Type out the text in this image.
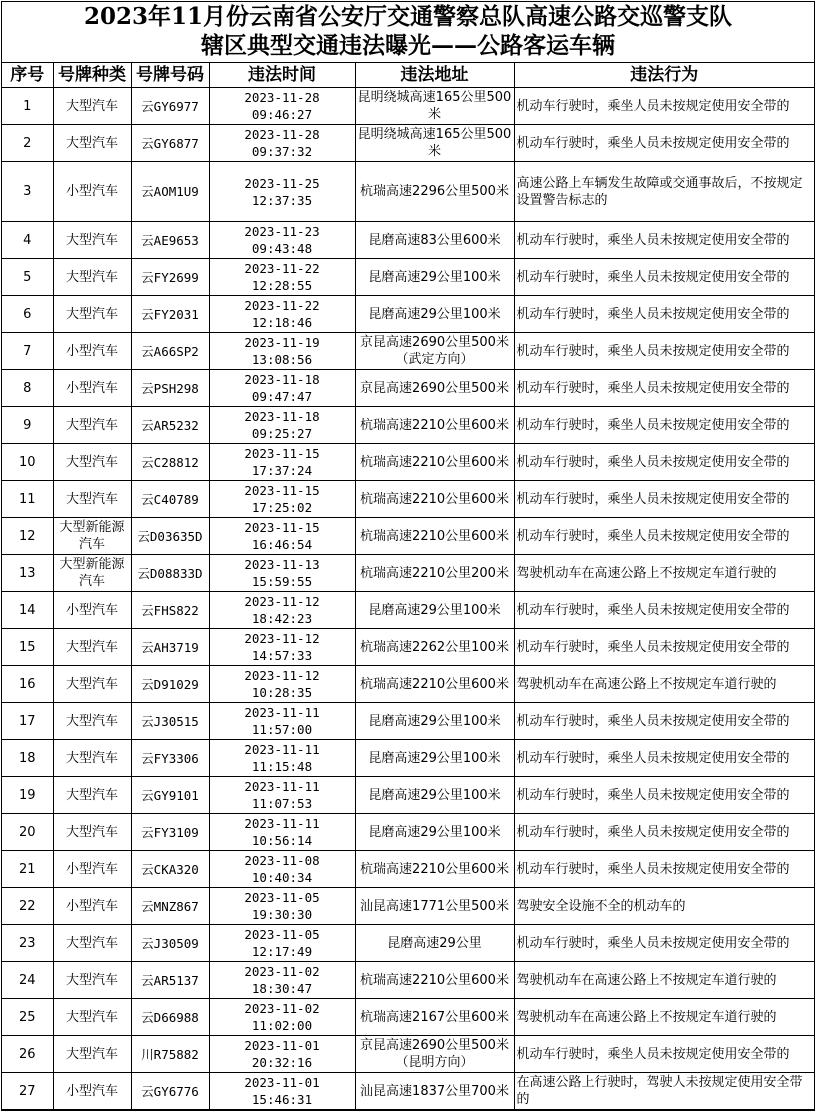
2023年11月份云南省公安厅交通警察总队高速公路交巡警支队
辖区典型交通违法曝光——公路客运车辆
序号	号牌种类	号牌号码	违法时间	违法地址	违法行为
1	大型汽车	云GY6977	2023-11-28 09:46:27	昆明绕城高速165公里500米	机动车行驶时，乘坐人员未按规定使用安全带的
2	大型汽车	云GY6877	2023-11-28 09:37:32	昆明绕城高速165公里500米	机动车行驶时，乘坐人员未按规定使用安全带的
3	小型汽车	云AOM1U9	2023-11-25 12:37:35	杭瑞高速2296公里500米	高速公路上车辆发生故障或交通事故后，不按规定设置警告标志的
4	大型汽车	云AE9653	2023-11-23 09:43:48	昆磨高速83公里600米	机动车行驶时，乘坐人员未按规定使用安全带的
5	大型汽车	云FY2699	2023-11-22 12:28:55	昆磨高速29公里100米	机动车行驶时，乘坐人员未按规定使用安全带的
6	大型汽车	云FY2031	2023-11-22 12:18:46	昆磨高速29公里100米	机动车行驶时，乘坐人员未按规定使用安全带的
7	小型汽车	云A66SP2	2023-11-19 13:08:56	京昆高速2690公里500米（武定方向）	机动车行驶时，乘坐人员未按规定使用安全带的
8	小型汽车	云PSH298	2023-11-18 09:47:47	京昆高速2690公里500米	机动车行驶时，乘坐人员未按规定使用安全带的
9	大型汽车	云AR5232	2023-11-18 09:25:27	杭瑞高速2210公里600米	机动车行驶时，乘坐人员未按规定使用安全带的
10	大型汽车	云C28812	2023-11-15 17:37:24	杭瑞高速2210公里600米	机动车行驶时，乘坐人员未按规定使用安全带的
11	大型汽车	云C40789	2023-11-15 17:25:02	杭瑞高速2210公里600米	机动车行驶时，乘坐人员未按规定使用安全带的
12	大型新能源汽车	云D03635D	2023-11-15 16:46:54	杭瑞高速2210公里600米	机动车行驶时，乘坐人员未按规定使用安全带的
13	大型新能源汽车	云D08833D	2023-11-13 15:59:55	杭瑞高速2210公里200米	驾驶机动车在高速公路上不按规定车道行驶的
14	小型汽车	云FHS822	2023-11-12 18:42:23	昆磨高速29公里100米	机动车行驶时，乘坐人员未按规定使用安全带的
15	大型汽车	云AH3719	2023-11-12 14:57:33	杭瑞高速2262公里100米	机动车行驶时，乘坐人员未按规定使用安全带的
16	大型汽车	云D91029	2023-11-12 10:28:35	杭瑞高速2210公里600米	驾驶机动车在高速公路上不按规定车道行驶的
17	大型汽车	云J30515	2023-11-11 11:57:00	昆磨高速29公里100米	机动车行驶时，乘坐人员未按规定使用安全带的
18	大型汽车	云FY3306	2023-11-11 11:15:48	昆磨高速29公里100米	机动车行驶时，乘坐人员未按规定使用安全带的
19	大型汽车	云GY9101	2023-11-11 11:07:53	昆磨高速29公里100米	机动车行驶时，乘坐人员未按规定使用安全带的
20	大型汽车	云FY3109	2023-11-11 10:56:14	昆磨高速29公里100米	机动车行驶时，乘坐人员未按规定使用安全带的
21	小型汽车	云CKA320	2023-11-08 10:40:34	杭瑞高速2210公里600米	机动车行驶时，乘坐人员未按规定使用安全带的
22	小型汽车	云MNZ867	2023-11-05 19:30:30	汕昆高速1771公里500米	驾驶安全设施不全的机动车的
23	大型汽车	云J30509	2023-11-05 12:17:49	昆磨高速29公里	机动车行驶时，乘坐人员未按规定使用安全带的
24	大型汽车	云AR5137	2023-11-02 18:30:47	杭瑞高速2210公里600米	驾驶机动车在高速公路上不按规定车道行驶的
25	大型汽车	云D66988	2023-11-02 11:02:00	杭瑞高速2167公里600米	驾驶机动车在高速公路上不按规定车道行驶的
26	大型汽车	川R75882	2023-11-01 20:32:16	京昆高速2690公里500米（昆明方向）	机动车行驶时，乘坐人员未按规定使用安全带的
27	小型汽车	云GY6776	2023-11-01 15:46:31	汕昆高速1837公里700米	在高速公路上行驶时，驾驶人未按规定使用安全带的
